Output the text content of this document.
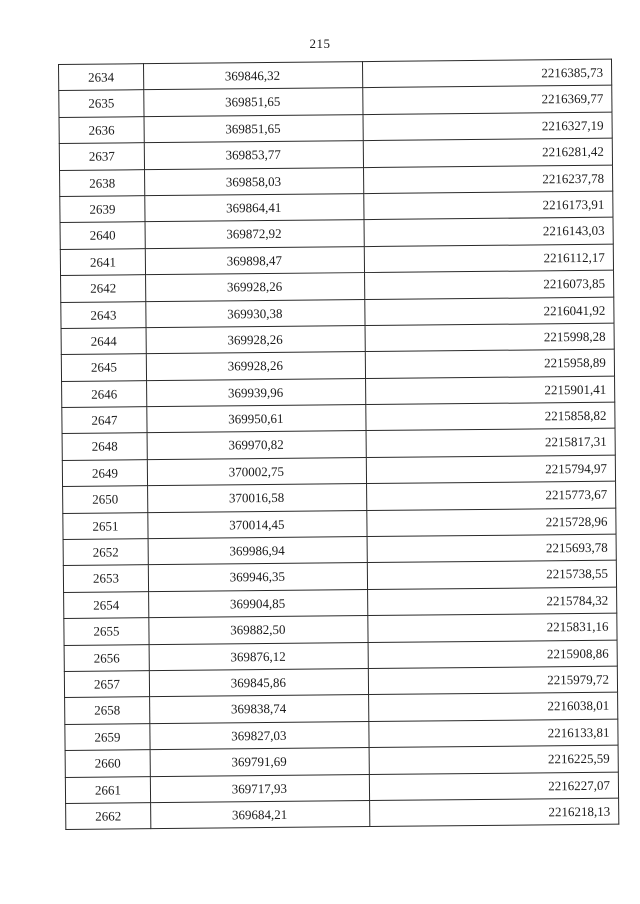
215
2634	369846,32	2216385,73

2635	369851,65	2216369,77

2636	369851,65	2216327,19

2637	369853,77	2216281,42

2638	369858,03	2216237,78

2639	369864,41	2216173,91

2640	369872,92	2216143,03

2641	369898,47	2216112,17

2642	369928,26	2216073,85

2643	369930,38	2216041,92

2644	369928,26	2215998,28

2645	369928,26	2215958,89

2646	369939,96	2215901,41

2647	369950,61	2215858,82

2648	369970,82	2215817,31

2649	370002,75	2215794,97

2650	370016,58	2215773,67

2651	370014,45	2215728,96

2652	369986,94	2215693,78

2653	369946,35	2215738,55

2654	369904,85	2215784,32

2655	369882,50	2215831,16

2656	369876,12	2215908,86

2657	369845,86	2215979,72

2658	369838,74	2216038,01

2659	369827,03	2216133,81

2660	369791,69	2216225,59

2661	369717,93	2216227,07

2662	369684,21	2216218,13
